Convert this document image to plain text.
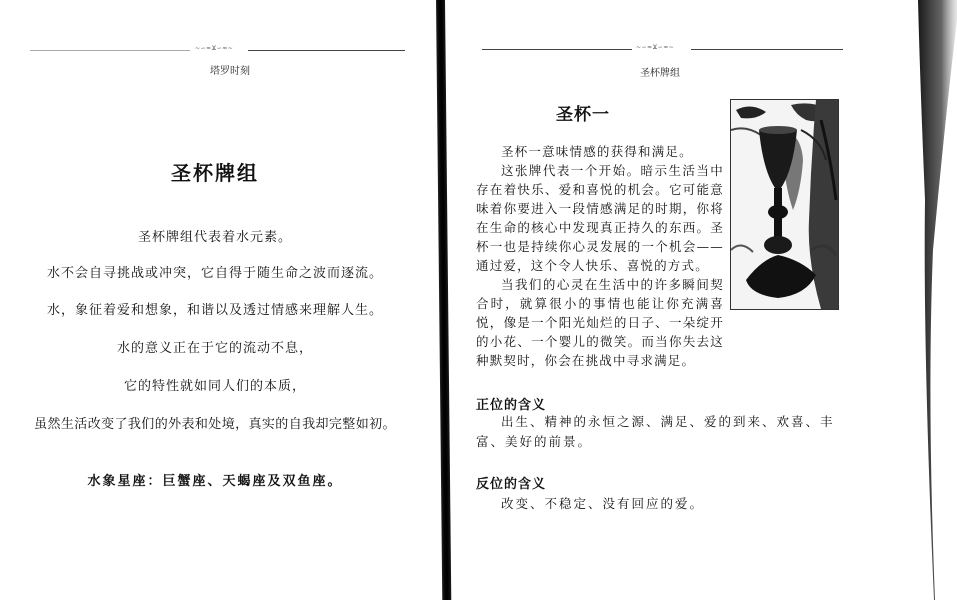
~∽≈Ϫ∽≈~
塔罗时刻
圣杯牌组
圣杯牌组代表着水元素。
水不会自寻挑战或冲突，它自得于随生命之波而逐流。
水，象征着爱和想象，和谐以及透过情感来理解人生。
水的意义正在于它的流动不息，
它的特性就如同人们的本质，
虽然生活改变了我们的外表和处境，真实的自我却完整如初。
水象星座：巨蟹座、天蝎座及双鱼座。
~∽≈Ϫ∽≈~
圣杯牌组
圣杯一

圣杯一意味情感的获得和满足。

这张牌代表一个开始。暗示生活当中存在着快乐、爱和喜悦的机会。它可能意味着你要进入一段情感满足的时期，你将在生命的核心中发现真正持久的东西。圣杯一也是持续你心灵发展的一个机会——通过爱，这个令人快乐、喜悦的方式。

当我们的心灵在生活中的许多瞬间契合时，就算很小的事情也能让你充满喜悦，像是一个阳光灿烂的日子、一朵绽开的小花、一个婴儿的微笑。而当你失去这种默契时，你会在挑战中寻求满足。

正位的含义

出生、精神的永恒之源、满足、爱的到来、欢喜、丰富、美好的前景。

反位的含义

改变、不稳定、没有回应的爱。
